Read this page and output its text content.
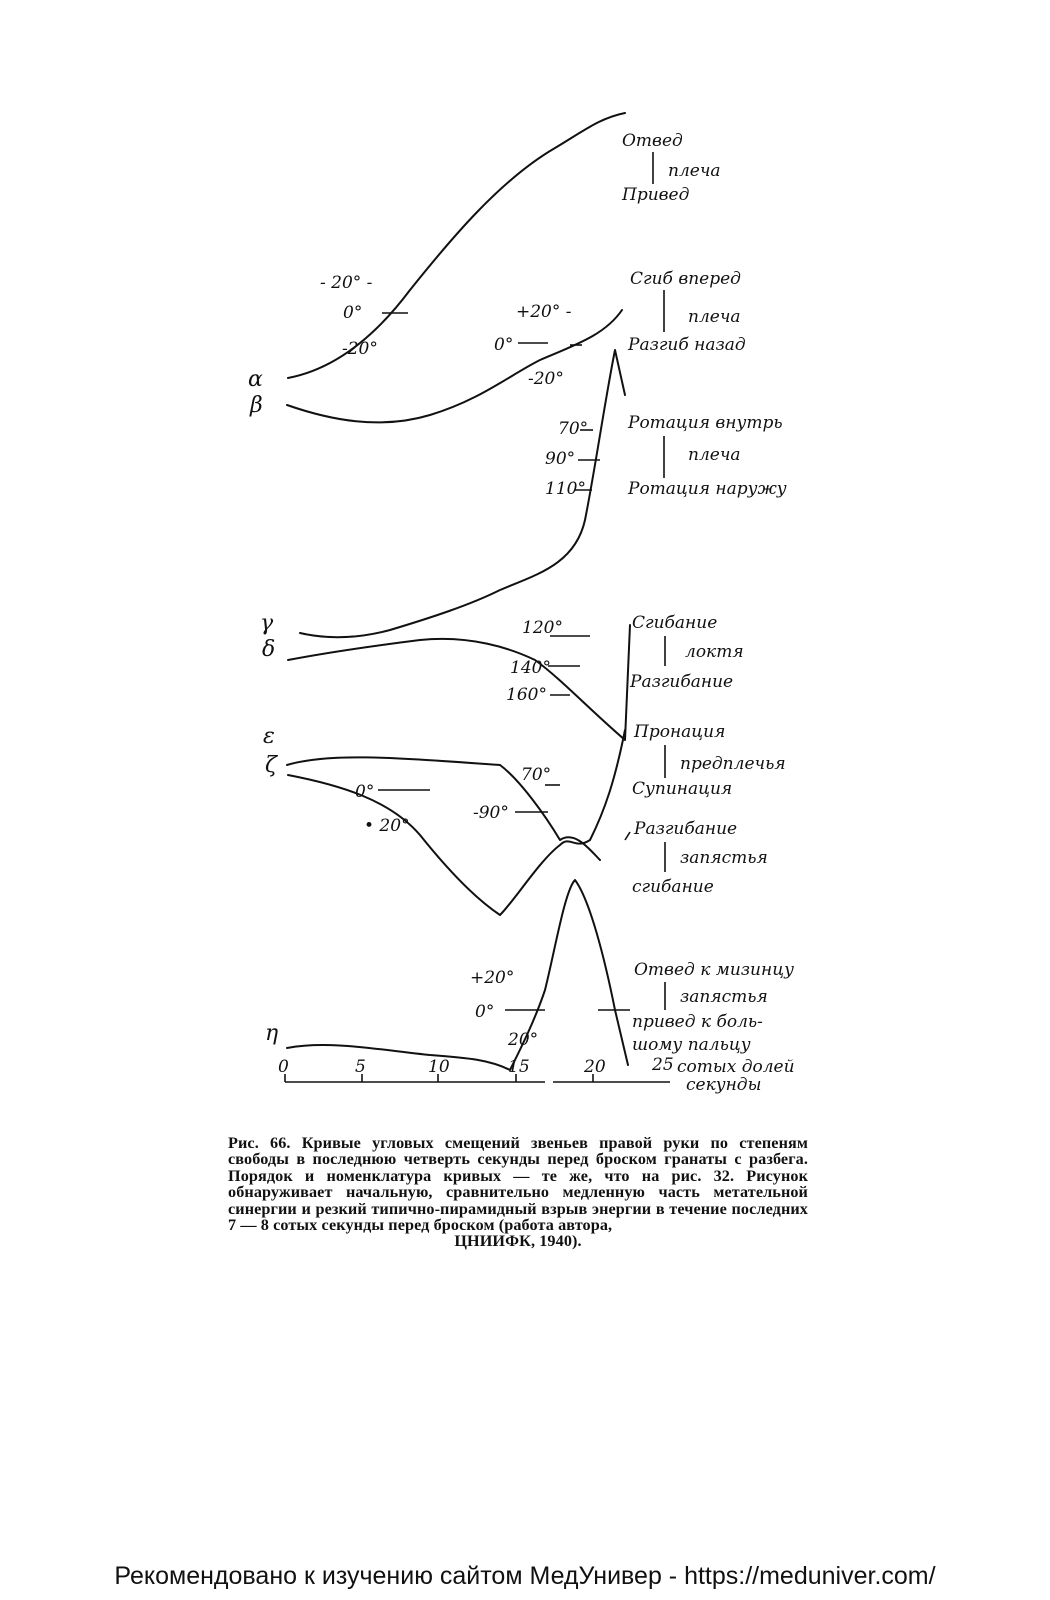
α
β
γ
δ
ε
ζ
η
- 20° -
0°
-20°
+20° -
0°
-20°
70°
90°
110°
120°
140°
160°
0°
• 20°
70°
-90°
+20°
0°
20°
Отвед
плеча
Привед
Сгиб вперед
плеча
Разгиб назад
Ротация внутрь
плеча
Ротация наружу
Сгибание
локтя
Разгибание
Пронация
предплечья
Супинация
Разгибание
запястья
сгибание
Отвед к мизинцу
запястья
привед к боль-
шому пальцу
0	5	10	15	20	25 сотых долей
секунды
Рис. 66. Кривые угловых смещений звеньев правой руки по степеням свободы в последнюю четверть секунды перед броском гранаты с разбега. Порядок и номенклатура кривых — те же, что на рис. 32. Рисунок обнаруживает начальную, сравнительно медленную часть метательной синергии и резкий типично-пирамидный взрыв энергии в течение последних 7 — 8 сотых секунды перед броском (работа автора,
ЦНИИФК, 1940).
Рекомендовано к изучению сайтом МедУнивер - https://meduniver.com/
